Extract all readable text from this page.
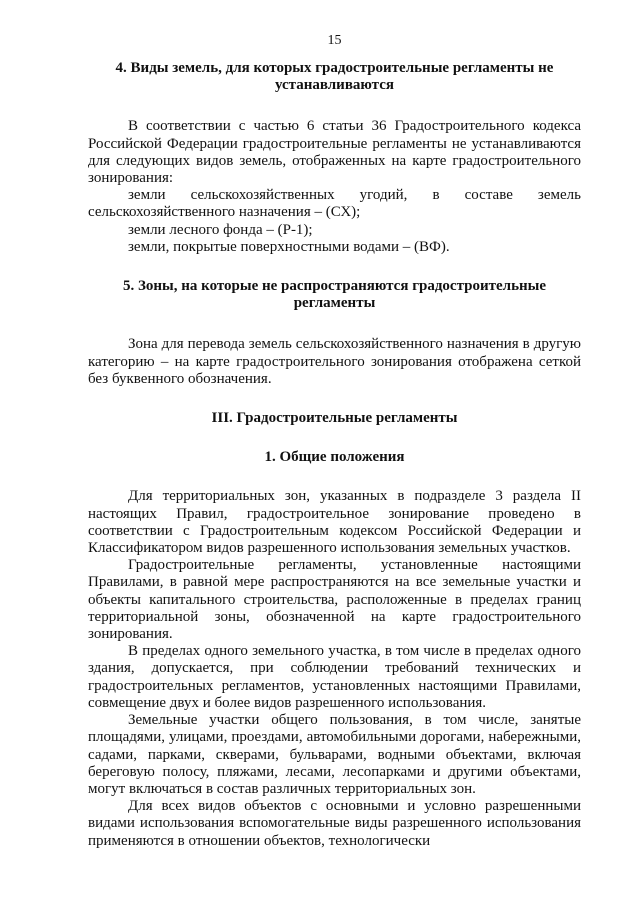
15
4. Виды земель, для которых градостроительные регламенты не устанавливаются

В соответствии с частью 6 статьи 36 Градостроительного кодекса Российской Федерации градостроительные регламенты не устанавливаются для следующих видов земель, отображенных на карте градостроительного зонирования:

земли сельскохозяйственных угодий, в составе земель сельскохозяйственного назначения – (СХ);

земли лесного фонда – (Р-1);

земли, покрытые поверхностными водами – (ВФ).

5. Зоны, на которые не распространяются градостроительные регламенты

Зона для перевода земель сельскохозяйственного назначения в другую категорию – на карте градостроительного зонирования отображена сеткой без буквенного обозначения.

III. Градостроительные регламенты
1. Общие положения

Для территориальных зон, указанных в подразделе 3 раздела II настоящих Правил, градостроительное зонирование проведено в соответствии с Градостроительным кодексом Российской Федерации и Классификатором видов разрешенного использования земельных участков.

Градостроительные регламенты, установленные настоящими Правилами, в равной мере распространяются на все земельные участки и объекты капитального строительства, расположенные в пределах границ территориальной зоны, обозначенной на карте градостроительного зонирования.

В пределах одного земельного участка, в том числе в пределах одного здания, допускается, при соблюдении требований технических и градостроительных регламентов, установленных настоящими Правилами, совмещение двух и более видов разрешенного использования.

Земельные участки общего пользования, в том числе, занятые площадями, улицами, проездами, автомобильными дорогами, набережными, садами, парками, скверами, бульварами, водными объектами, включая береговую полосу, пляжами, лесами, лесопарками и другими объектами, могут включаться в состав различных территориальных зон.

Для всех видов объектов с основными и условно разрешенными видами использования вспомогательные виды разрешенного использования применяются в отношении объектов, технологически
